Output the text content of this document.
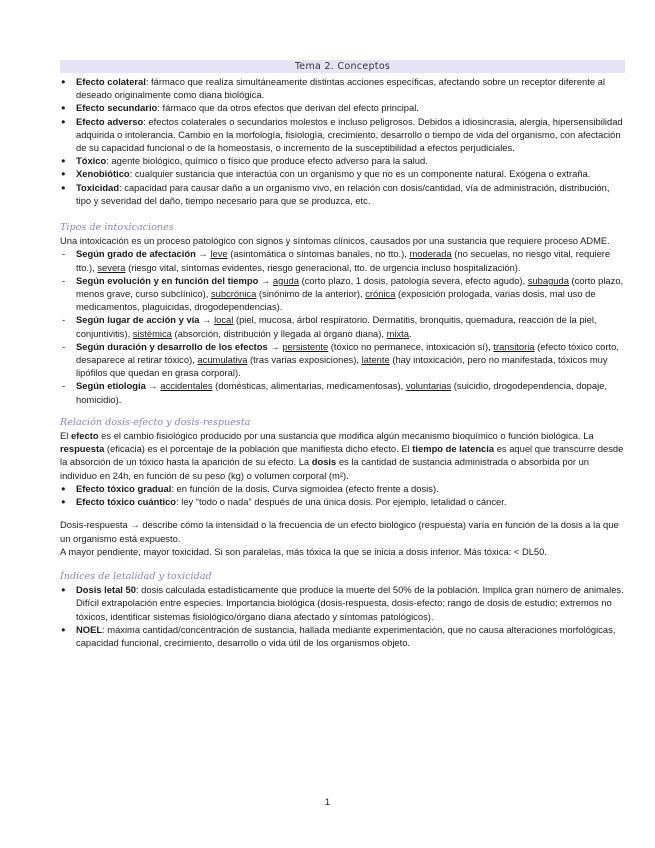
Tema 2. Conceptos
● Efecto colateral: fármaco que realiza simultáneamente distintas acciones específicas, afectando sobre un receptor diferente al deseado originalmente como diana biológica.
● Efecto secundario: fármaco que da otros efectos que derivan del efecto principal.
● Efecto adverso: efectos colaterales o secundarios molestos e incluso peligrosos. Debidos a idiosincrasia, alergia, hipersensibilidad adquirida o intolerancia. Cambio en la morfología, fisiología, crecimiento, desarrollo o tiempo de vida del organismo, con afectación de su capacidad funcional o de la homeostasis, o incremento de la susceptibilidad a efectos perjudiciales.
● Tóxico: agente biológico, químico o físico que produce efecto adverso para la salud.
● Xenobiótico: cualquier sustancia que interactúa con un organismo y que no es un componente natural. Exógena o extraña.
● Toxicidad: capacidad para causar daño a un organismo vivo, en relación con dosis/cantidad, vía de administración, distribución, tipo y severidad del daño, tiempo necesario para que se produzca, etc.
Tipos de intoxicaciones

Una intoxicación es un proceso patológico con signos y síntomas clínicos, causados por una sustancia que requiere proceso ADME.

- Según grado de afectación → leve (asintomática o síntomas banales, no tto.), moderada (no secuelas, no riesgo vital, requiere tto.), severa (riesgo vital, síntomas evidentes, riesgo generacional, tto. de urgencia incluso hospitalización).
- Según evolución y en función del tiempo → aguda (corto plazo, 1 dosis, patología severa, efecto agudo), subaguda (corto plazo, menos grave, curso subclínico), subcrónica (sinónimo de la anterior), crónica (exposición prologada, varias dosis, mal uso de medicamentos, plaguicidas, drogodependencias).
- Según lugar de acción y vía → local (piel, mucosa, árbol respiratorio. Dermatitis, bronquitis, quemadura, reacción de la piel, conjuntivitis), sistémica (absorción, distribución y llegada al órgano diana), mixta.
- Según duración y desarrollo de los efectos → persistente (tóxico no permanece, intoxicación sí), transitoria (efecto tóxico corto, desaparece al retirar tóxico), acumulativa (tras varias exposiciones), latente (hay intoxicación, pero no manifestada, tóxicos muy lipófilos que quedan en grasa corporal).
- Según etiología → accidentales (domésticas, alimentarias, medicamentosas), voluntarias (suicidio, drogodependencia, dopaje, homicidio).
Relación dosis-efecto y dosis-respuesta

El efecto es el cambio fisiológico producido por una sustancia que modifica algún mecanismo bioquímico o función biológica. La respuesta (eficacia) es el porcentaje de la población que manifiesta dicho efecto. El tiempo de latencia es aquel que transcurre desde la absorción de un tóxico hasta la aparición de su efecto. La dosis es la cantidad de sustancia administrada o absorbida por un individuo en 24h, en función de su peso (kg) o volumen corporal (m²).

● Efecto tóxico gradual: en función de la dosis. Curva sigmoidea (efecto frente a dosis).
● Efecto tóxico cuántico: ley “todo o nada” después de una única dosis. Por ejemplo, letalidad o cáncer.

Dosis-respuesta → describe cómo la intensidad o la frecuencia de un efecto biológico (respuesta) varía en función de la dosis a la que un organismo está expuesto.

A mayor pendiente, mayor toxicidad. Si son paralelas, más tóxica la que se inicia a dosis inferior. Más tóxica: < DL50.

Índices de letalidad y toxicidad
● Dosis letal 50: dosis calculada estadísticamente que produce la muerte del 50% de la población. Implica gran número de animales. Difícil extrapolación entre especies. Importancia biológica (dosis-respuesta, dosis-efecto; rango de dosis de estudio; extremos no tóxicos, identificar sistemas fisiológico/órgano diana afectado y síntomas patológicos).
● NOEL: máxima cantidad/concentración de sustancia, hallada mediante experimentación, que no causa alteraciones morfológicas, capacidad funcional, crecimiento, desarrollo o vida útil de los organismos objeto.
1
